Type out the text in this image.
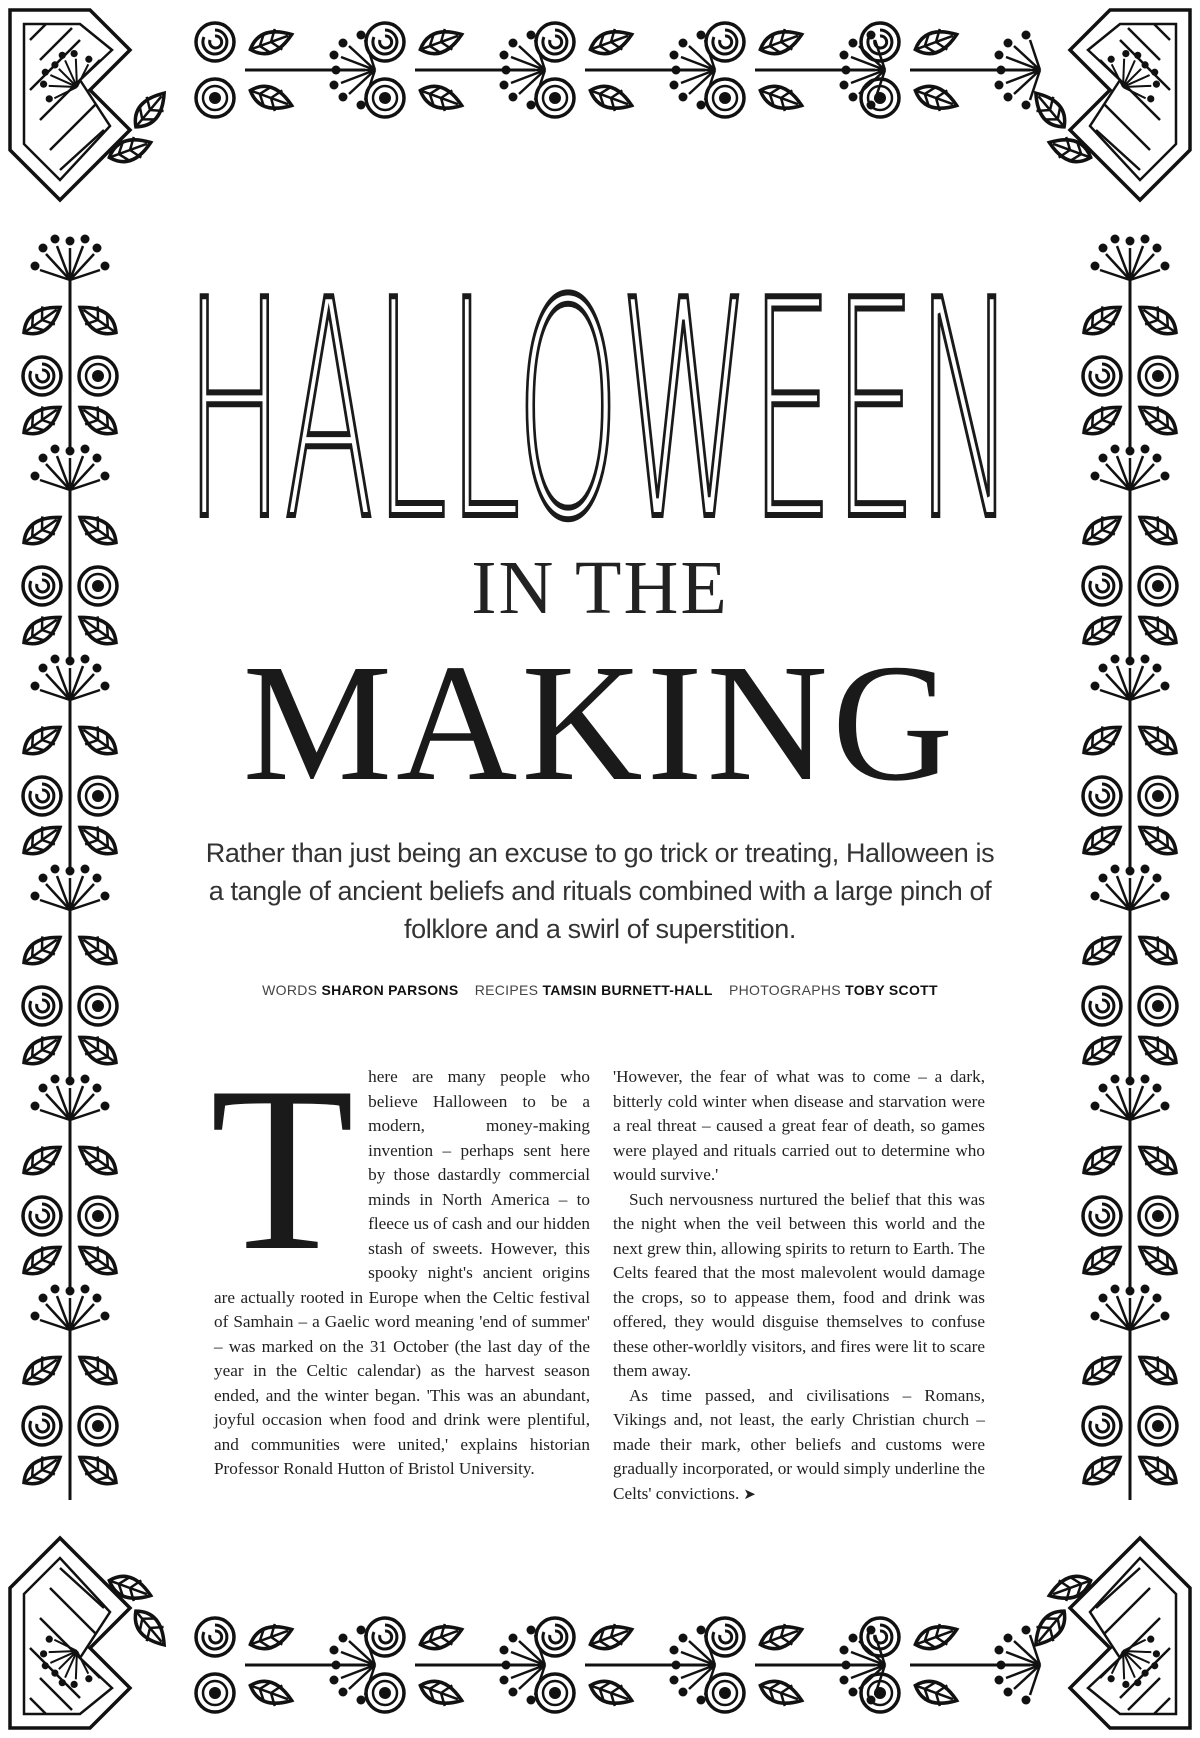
HALLOWEEN
IN THE
MAKING

Rather than just being an excuse to go trick or treating, Halloween is a tangle of ancient beliefs and rituals combined with a large pinch of folklore and a swirl of superstition.

WORDS SHARON PARSONS RECIPES TAMSIN BURNETT-HALL PHOTOGRAPHS TOBY SCOTT
T here are many people who believe Halloween to be a modern, money-making invention – perhaps sent here by those dastardly commercial minds in North America – to fleece us of cash and our hidden stash of sweets. However, this spooky night's ancient origins are actually rooted in Europe when the Celtic festival of Samhain – a Gaelic word meaning 'end of summer' – was marked on the 31 October (the last day of the year in the Celtic calendar) as the harvest season ended, and the winter began. 'This was an abundant, joyful occasion when food and drink were plentiful, and communities were united,' explains historian Professor Ronald Hutton of Bristol University.

'However, the fear of what was to come – a dark, bitterly cold winter when disease and starvation were a real threat – caused a great fear of death, so games were played and rituals carried out to determine who would survive.'

Such nervousness nurtured the belief that this was the night when the veil between this world and the next grew thin, allowing spirits to return to Earth. The Celts feared that the most malevolent would damage the crops, so to appease them, food and drink was offered, they would disguise themselves to confuse these other-worldly visitors, and fires were lit to scare them away.

As time passed, and civilisations – Romans, Vikings and, not least, the early Christian church – made their mark, other beliefs and customs were gradually incorporated, or would simply underline the Celts' convictions. ➤
